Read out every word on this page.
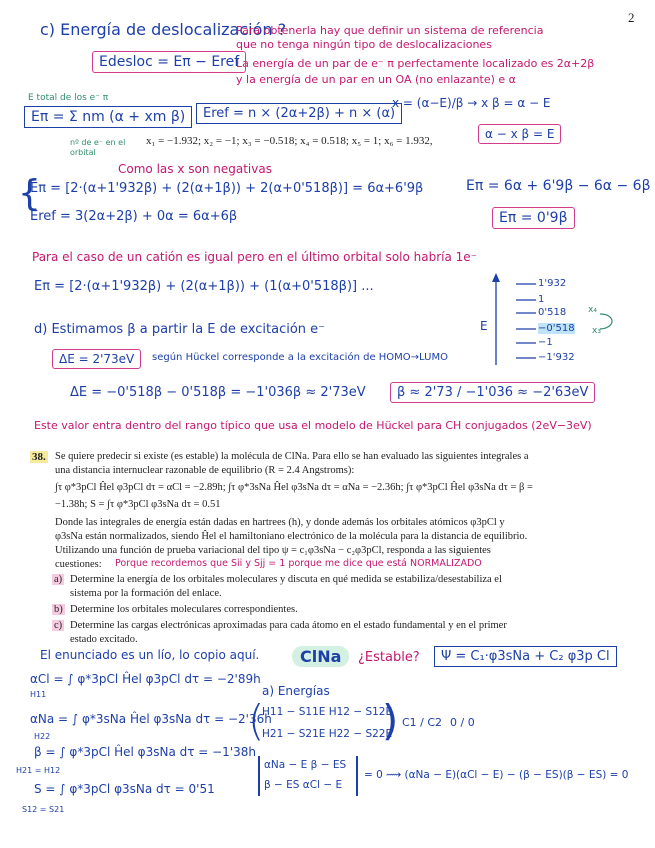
2
c) Energía de deslocalización ?
Para obtenerla hay que definir un sistema de referencia
que no tenga ningún tipo de deslocalizaciones
La energía de un par de e⁻ π perfectamente localizado es 2α+2β
y la energía de un par en un OA (no enlazante) e α
Edesloc = Eπ − Eref
E total de los e⁻ π
Eπ = Σ nm (α + xm β)
nº de e⁻ en el orbital
Eref = n × (2α+2β) + n × (α)
x = (α−E)/β → x β = α − E
α − x β = E
x₁ = −1.932; x₂ = −1; x₃ = −0.518; x₄ = 0.518; x₅ = 1; x₆ = 1.932,
Como las x son negativas
{
Eπ = [2·(α+1'932β) + (2(α+1β)) + 2(α+0'518β)] = 6α+6'9β
Eref = 3(2α+2β) + 0α = 6α+6β
Eπ = 6α + 6'9β − 6α − 6β
Eπ = 0'9β
Para el caso de un catión es igual pero en el último orbital solo habría 1e⁻
Eπ = [2·(α+1'932β) + (2(α+1β)) + (1(α+0'518β)] ...
E
1'932
1
0'518
−0'518
−1
−1'932
x₄
x₃
d) Estimamos β a partir la E de excitación e⁻
ΔE = 2'73eV	según Hückel corresponde a la excitación de HOMO→LUMO
ΔE = −0'518β − 0'518β = −1'036β ≈ 2'73eV	β ≈ 2'73 / −1'036 ≈ −2'63eV
Este valor entra dentro del rango típico que usa el modelo de Hückel para CH conjugados (2eV−3eV)
38. Se quiere predecir si existe (es estable) la molécula de ClNa. Para ello se han evaluado las siguientes integrales a
una distancia internuclear razonable de equilibrio (R = 2.4 Angstroms):
∫τ φ*3pCl Ĥel φ3pCl dτ = αCl = −2.89h; ∫τ φ*3sNa Ĥel φ3sNa dτ = αNa = −2.36h; ∫τ φ*3pCl Ĥel φ3sNa dτ = β =
−1.38h; S = ∫τ φ*3pCl φ3sNa dτ = 0.51
Donde las integrales de energía están dadas en hartrees (h), y donde además los orbitales atómicos φ3pCl y
φ3sNa están normalizados, siendo Ĥel el hamiltoniano electrónico de la molécula para la distancia de equilibrio.
Utilizando una función de prueba variacional del tipo ψ = c₁φ3sNa − c₂φ3pCl, responda a las siguientes
cuestiones: Porque recordemos que Sii y Sjj = 1 porque me dice que está NORMALIZADO
a) Determine la energía de los orbitales moleculares y discuta en qué medida se estabiliza/desestabiliza el
sistema por la formación del enlace.
b) Determine los orbitales moleculares correspondientes.
c) Determine las cargas electrónicas aproximadas para cada átomo en el estado fundamental y en el primer
estado excitado.
El enunciado es un lío, lo copio aquí.	ClNa	¿Estable?	Ψ = C₁·φ3sNa + C₂ φ3p Cl
αCl = ∫ φ*3pCl Ĥel φ3pCl dτ = −2'89h
H11
αNa = ∫ φ*3sNa Ĥel φ3sNa dτ = −2'36h
H22
β = ∫ φ*3pCl Ĥel φ3sNa dτ = −1'38h
H21 = H12
S = ∫ φ*3pCl φ3sNa dτ = 0'51
S12 = S21
a) Energías
(
H11 − S11E H12 − S12E
H21 − S21E H22 − S22E
) C1 / C2 0 / 0
αNa − E β − ES
β − ES αCl − E
= 0 ⟿ (αNa − E)(αCl − E) − (β − ES)(β − ES) = 0
